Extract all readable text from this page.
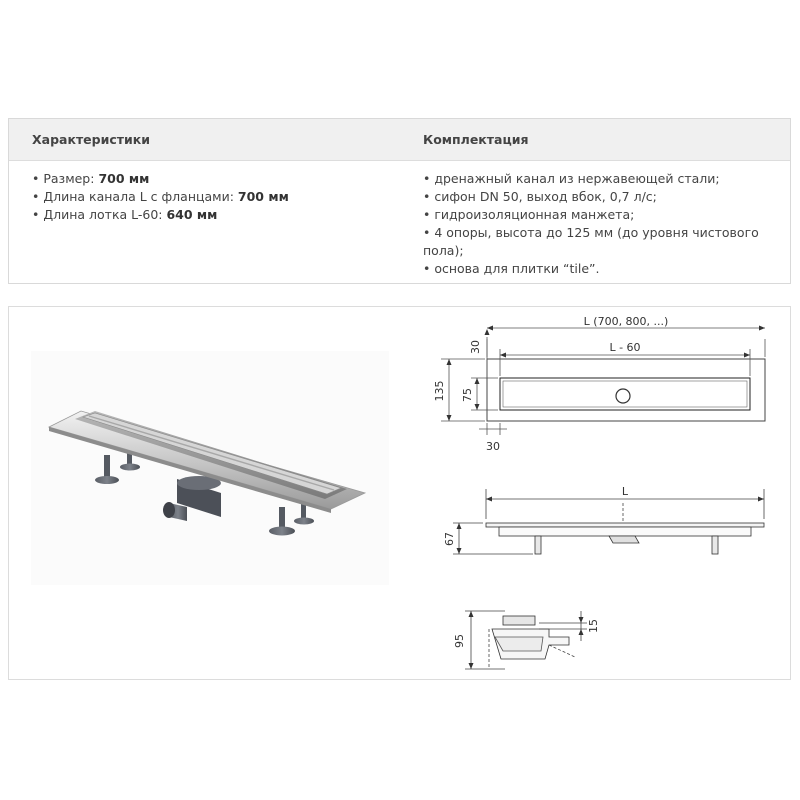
Характеристики	Комплектация
• Размер: 700 мм
• Длина канала L с фланцами: 700 мм
• Длина лотка L-60: 640 мм
• дренажный канал из нержавеющей стали;
• сифон DN 50, выход вбок, 0,7 л/с;
• гидроизоляционная манжета;
• 4 опоры, высота до 125 мм (до уровня чистового
пола);
• основа для плитки “tile”.
L (700, 800, ...)
L - 60
30
135 75
30
L
67
95
15
